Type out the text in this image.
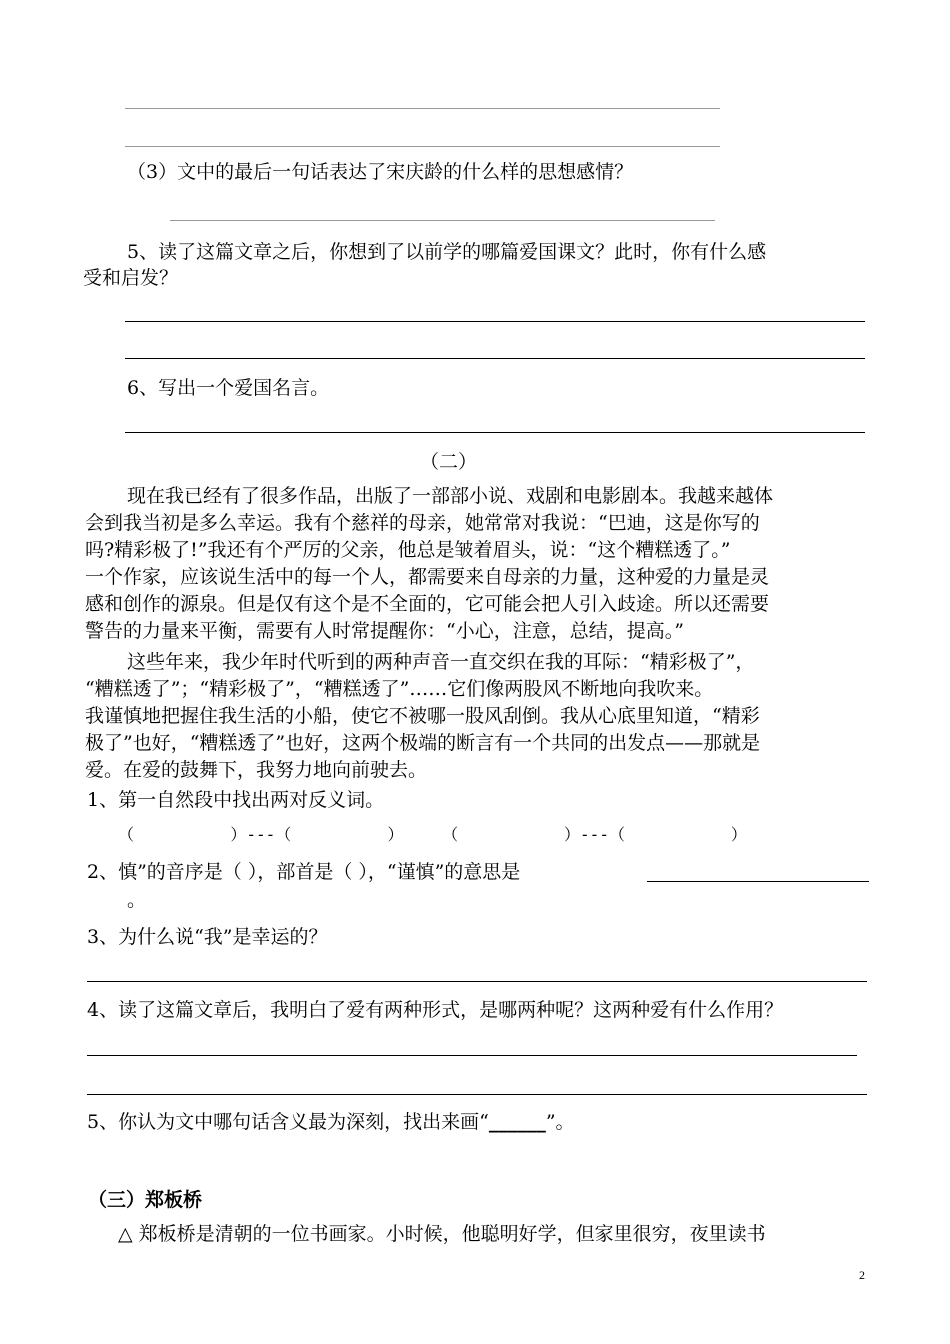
（3）文中的最后一句话表达了宋庆龄的什么样的思想感情？
5、读了这篇文章之后，你想到了以前学的哪篇爱国课文？此时，你有什么感
受和启发？
6、写出一个爱国名言。
（二）
现在我已经有了很多作品，出版了一部部小说、戏剧和电影剧本。我越来越体
会到我当初是多么幸运。我有个慈祥的母亲，她常常对我说：“巴迪，这是你写的
吗?精彩极了!”我还有个严厉的父亲，他总是皱着眉头，说：“这个糟糕透了。”
一个作家，应该说生活中的每一个人，都需要来自母亲的力量，这种爱的力量是灵
感和创作的源泉。但是仅有这个是不全面的，它可能会把人引入歧途。所以还需要
警告的力量来平衡，需要有人时常提醒你：“小心，注意，总结，提高。”
这些年来，我少年时代听到的两种声音一直交织在我的耳际：“精彩极了”，
“糟糕透了”；“精彩极了”，“糟糕透了”……它们像两股风不断地向我吹来。
我谨慎地把握住我生活的小船，使它不被哪一股风刮倒。我从心底里知道，“精彩
极了”也好，“糟糕透了”也好，这两个极端的断言有一个共同的出发点——那就是
爱。在爱的鼓舞下，我努力地向前驶去。
1、第一自然段中找出两对反义词。
（          ）---（          ）    （           ）---（           ）
2、慎”的音序是（ ），部首是（ ），“谨慎”的意思是
。
3、为什么说“我”是幸运的？
4、读了这篇文章后，我明白了爱有两种形式，是哪两种呢？这两种爱有什么作用？
5、你认为文中哪句话含义最为深刻，找出来画“______”。
（三）郑板桥
△ 郑板桥是清朝的一位书画家。小时候，他聪明好学，但家里很穷，夜里读书
2
